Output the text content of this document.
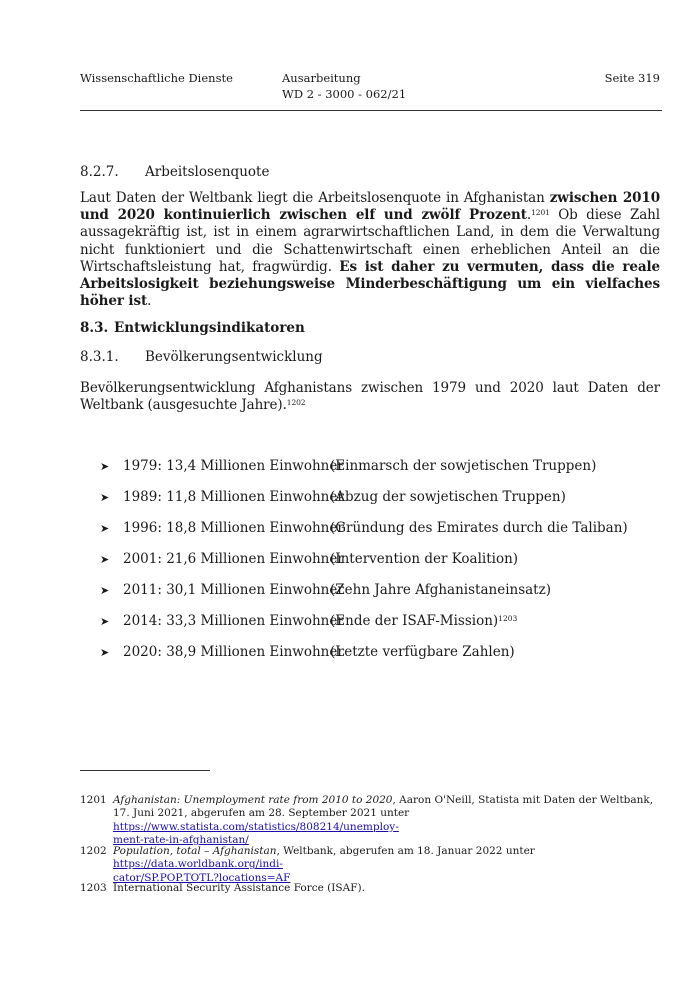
Wissenschaftliche Dienste	Ausarbeitung
WD 2 - 3000 - 062/21
Seite 319
8.2.7. Arbeitslosenquote
Laut Daten der Weltbank liegt die Arbeitslosenquote in Afghanistan zwischen 2010 und 2020 kontinuierlich zwischen elf und zwölf Prozent.$^{1201}$ Ob diese Zahl aussagekräftig ist, ist in einem agrarwirtschaftlichen Land, in dem die Verwaltung nicht funktioniert und die Schattenwirtschaft einen erheblichen Anteil an die Wirtschaftsleistung hat, fragwürdig. Es ist daher zu vermuten, dass die reale Arbeitslosigkeit beziehungsweise Minderbeschäftigung um ein vielfaches höher ist.
8.3. Entwicklungsindikatoren
8.3.1. Bevölkerungsentwicklung
Bevölkerungsentwicklung Afghanistans zwischen 1979 und 2020 laut Daten der Weltbank (ausgesuchte Jahre).$^{1202}$
➤ 1979: 13,4 Millionen Einwohner(Einmarsch der sowjetischen Truppen)
➤ 1989: 11,8 Millionen Einwohner(Abzug der sowjetischen Truppen)
➤ 1996: 18,8 Millionen Einwohner(Gründung des Emirates durch die Taliban)
➤ 2001: 21,6 Millionen Einwohner(Intervention der Koalition)
➤ 2011: 30,1 Millionen Einwohner(Zehn Jahre Afghanistaneinsatz)
➤ 2014: 33,3 Millionen Einwohner(Ende der ISAF-Mission)$^{1203}$
➤ 2020: 38,9 Millionen Einwohner(Letzte verfügbare Zahlen)
1201 Afghanistan: Unemployment rate from 2010 to 2020, Aaron O'Neill, Statista mit Daten der Weltbank, 17. Juni 2021, abgerufen am 28. September 2021 unter https://www.statista.com/statistics/808214/unemploy-
ment-rate-in-afghanistan/
1202 Population, total – Afghanistan, Weltbank, abgerufen am 18. Januar 2022 unter https://data.worldbank.org/indi-
cator/SP.POP.TOTL?locations=AF
1203 International Security Assistance Force (ISAF).
